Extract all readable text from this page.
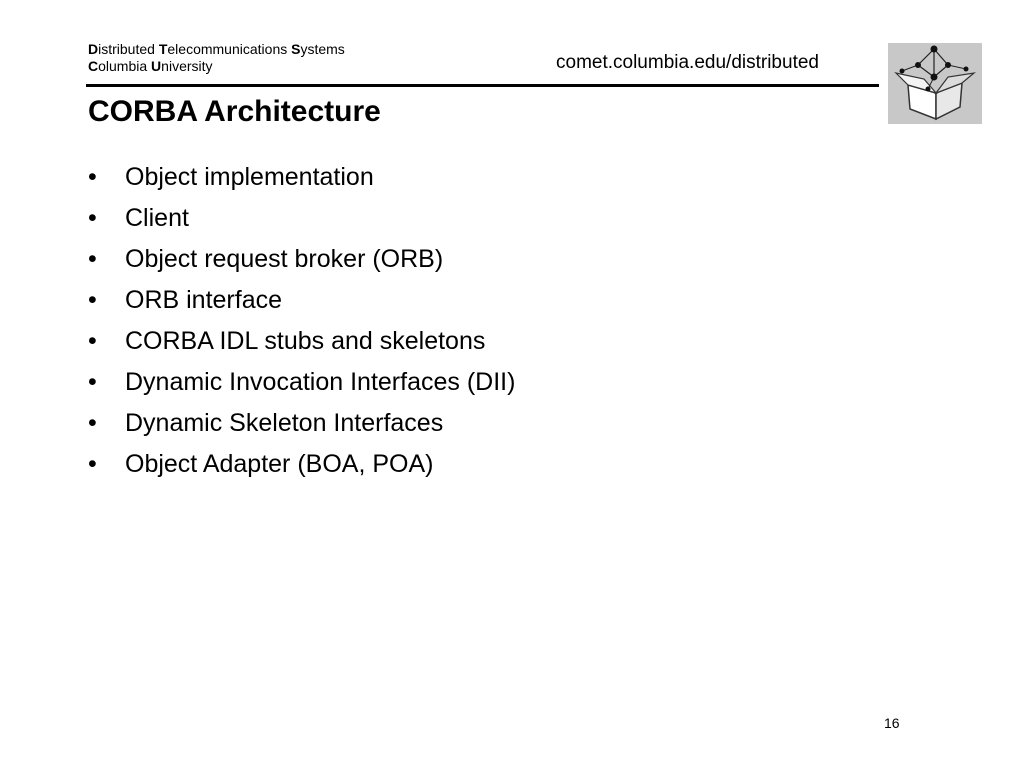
Distributed Telecommunications Systems
Columbia University	comet.columbia.edu/distributed
CORBA Architecture
•	Object implementation
•	Client
•	Object request broker (ORB)
•	ORB interface
•	CORBA IDL stubs and skeletons
•	Dynamic Invocation Interfaces (DII)
•	Dynamic Skeleton Interfaces
•	Object Adapter (BOA, POA)
16
